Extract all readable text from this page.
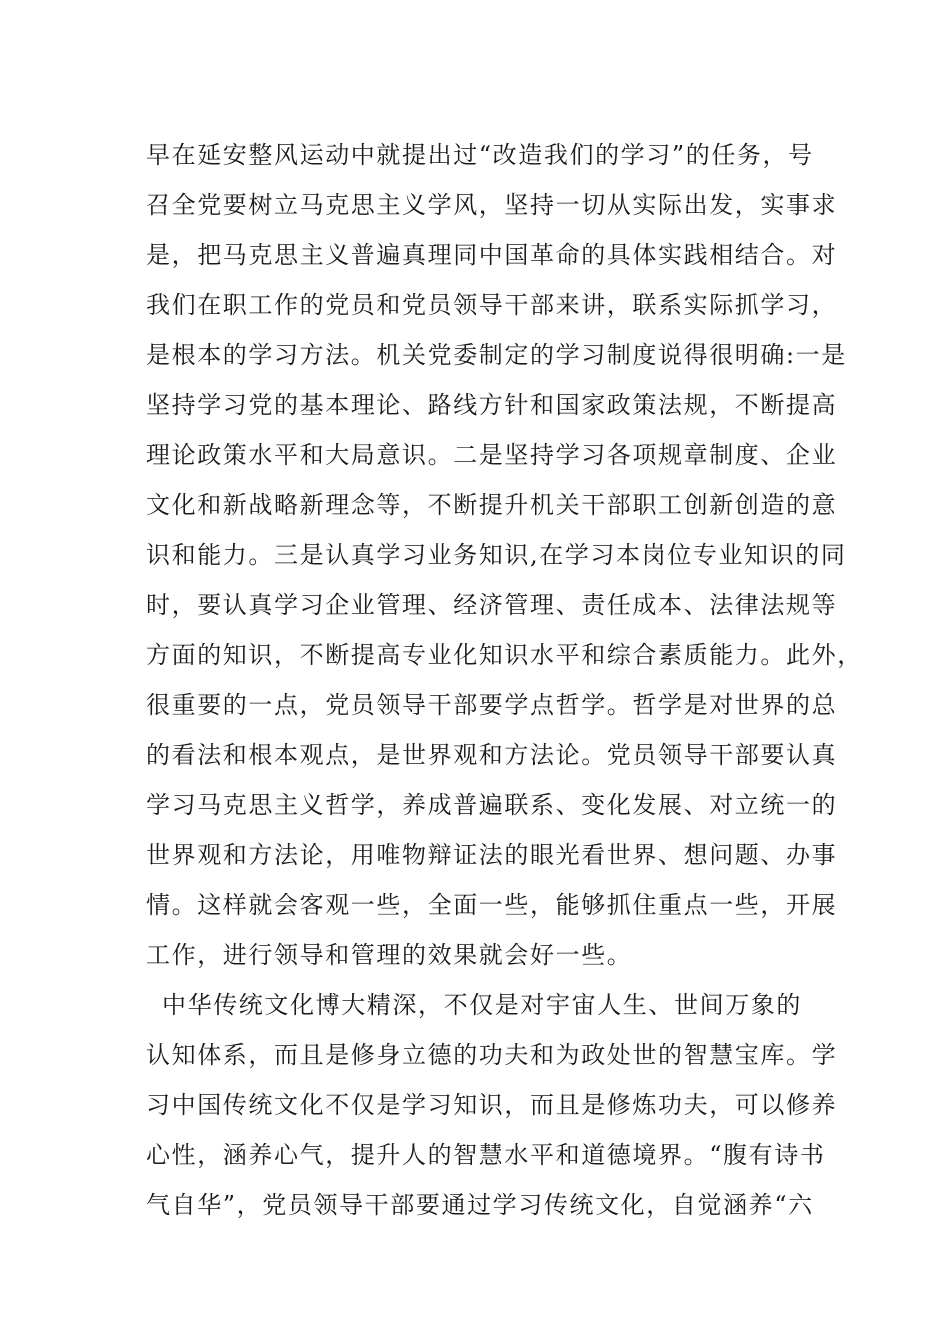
早在延安整风运动中就提出过“改造我们的学习”的任务，号
召全党要树立马克思主义学风，坚持一切从实际出发，实事求
是，把马克思主义普遍真理同中国革命的具体实践相结合。对
我们在职工作的党员和党员领导干部来讲，联系实际抓学习，
是根本的学习方法。机关党委制定的学习制度说得很明确:一是
坚持学习党的基本理论、路线方针和国家政策法规，不断提高
理论政策水平和大局意识。二是坚持学习各项规章制度、企业
文化和新战略新理念等，不断提升机关干部职工创新创造的意
识和能力。三是认真学习业务知识,在学习本岗位专业知识的同
时，要认真学习企业管理、经济管理、责任成本、法律法规等
方面的知识，不断提高专业化知识水平和综合素质能力。此外，
很重要的一点，党员领导干部要学点哲学。哲学是对世界的总
的看法和根本观点，是世界观和方法论。党员领导干部要认真
学习马克思主义哲学，养成普遍联系、变化发展、对立统一的
世界观和方法论，用唯物辩证法的眼光看世界、想问题、办事
情。这样就会客观一些，全面一些，能够抓住重点一些，开展
工作，进行领导和管理的效果就会好一些。
中华传统文化博大精深，不仅是对宇宙人生、世间万象的
认知体系，而且是修身立德的功夫和为政处世的智慧宝库。学
习中国传统文化不仅是学习知识，而且是修炼功夫，可以修养
心性，涵养心气，提升人的智慧水平和道德境界。“腹有诗书
气自华”，党员领导干部要通过学习传统文化，自觉涵养“六
